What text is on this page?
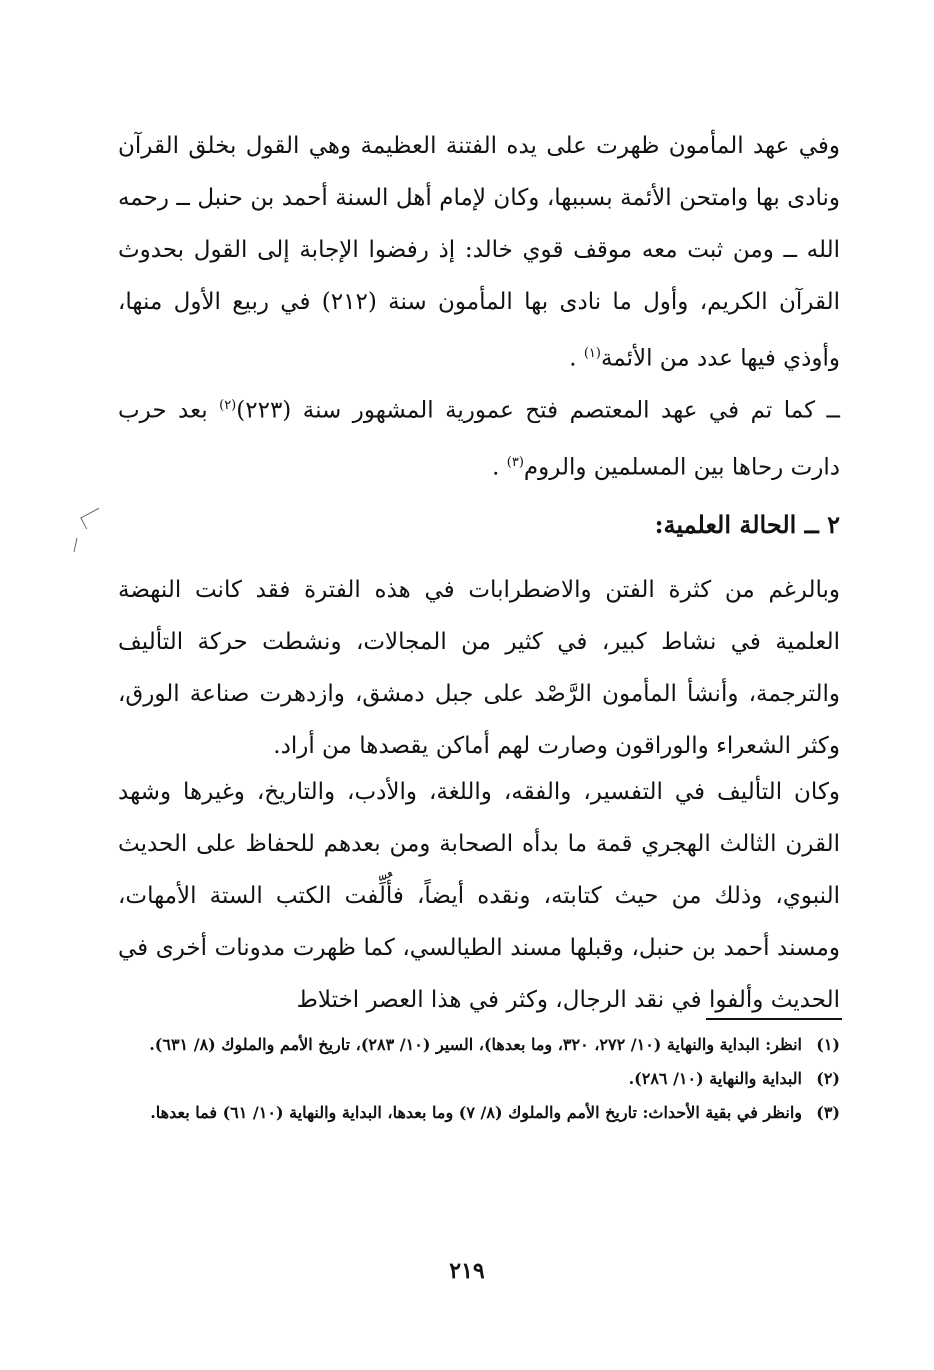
وفي عهد المأمون ظهرت على يده الفتنة العظيمة وهي القول بخلق القرآن ونادى بها وامتحن الأئمة بسببها، وكان لإمام أهل السنة أحمد بن حنبل ــ رحمه الله ــ ومن ثبت معه موقف قوي خالد: إذ رفضوا الإجابة إلى القول بحدوث القرآن الكريم، وأول ما نادى بها المأمون سنة (٢١٢) في ربيع الأول منها، وأوذي فيها عدد من الأئمة$^{(١)}$ .

ــ كما تم في عهد المعتصم فتح عمورية المشهور سنة (٢٢٣)$^{(٢)}$ بعد حرب دارت رحاها بين المسلمين والروم$^{(٣)}$ .

٢ ــ الحالة العلمية:

وبالرغم من كثرة الفتن والاضطرابات في هذه الفترة فقد كانت النهضة العلمية في نشاط كبير، في كثير من المجالات، ونشطت حركة التأليف والترجمة، وأنشأ المأمون الرَّصْد على جبل دمشق، وازدهرت صناعة الورق، وكثر الشعراء والوراقون وصارت لهم أماكن يقصدها من أراد.

وكان التأليف في التفسير، والفقه، واللغة، والأدب، والتاريخ، وغيرها وشهد القرن الثالث الهجري قمة ما بدأه الصحابة ومن بعدهم للحفاظ على الحديث النبوي، وذلك من حيث كتابته، ونقده أيضاً، فأُلِّفت الكتب الستة الأمهات، ومسند أحمد بن حنبل، وقبلها مسند الطيالسي، كما ظهرت مدونات أخرى في الحديث وألفوا في نقد الرجال، وكثر في هذا العصر اختلاط

(١)
انظر: البداية والنهاية (١٠/ ٢٧٢، ٣٢٠، وما بعدها)، السير (١٠/ ٢٨٣)، تاريخ الأمم والملوك (٨/ ٦٣١).
(٢)
البداية والنهاية (١٠/ ٢٨٦).
(٣)
وانظر في بقية الأحداث: تاريخ الأمم والملوك (٨/ ٧) وما بعدها، البداية والنهاية (١٠/ ٦١) فما بعدها.
٢١٩
